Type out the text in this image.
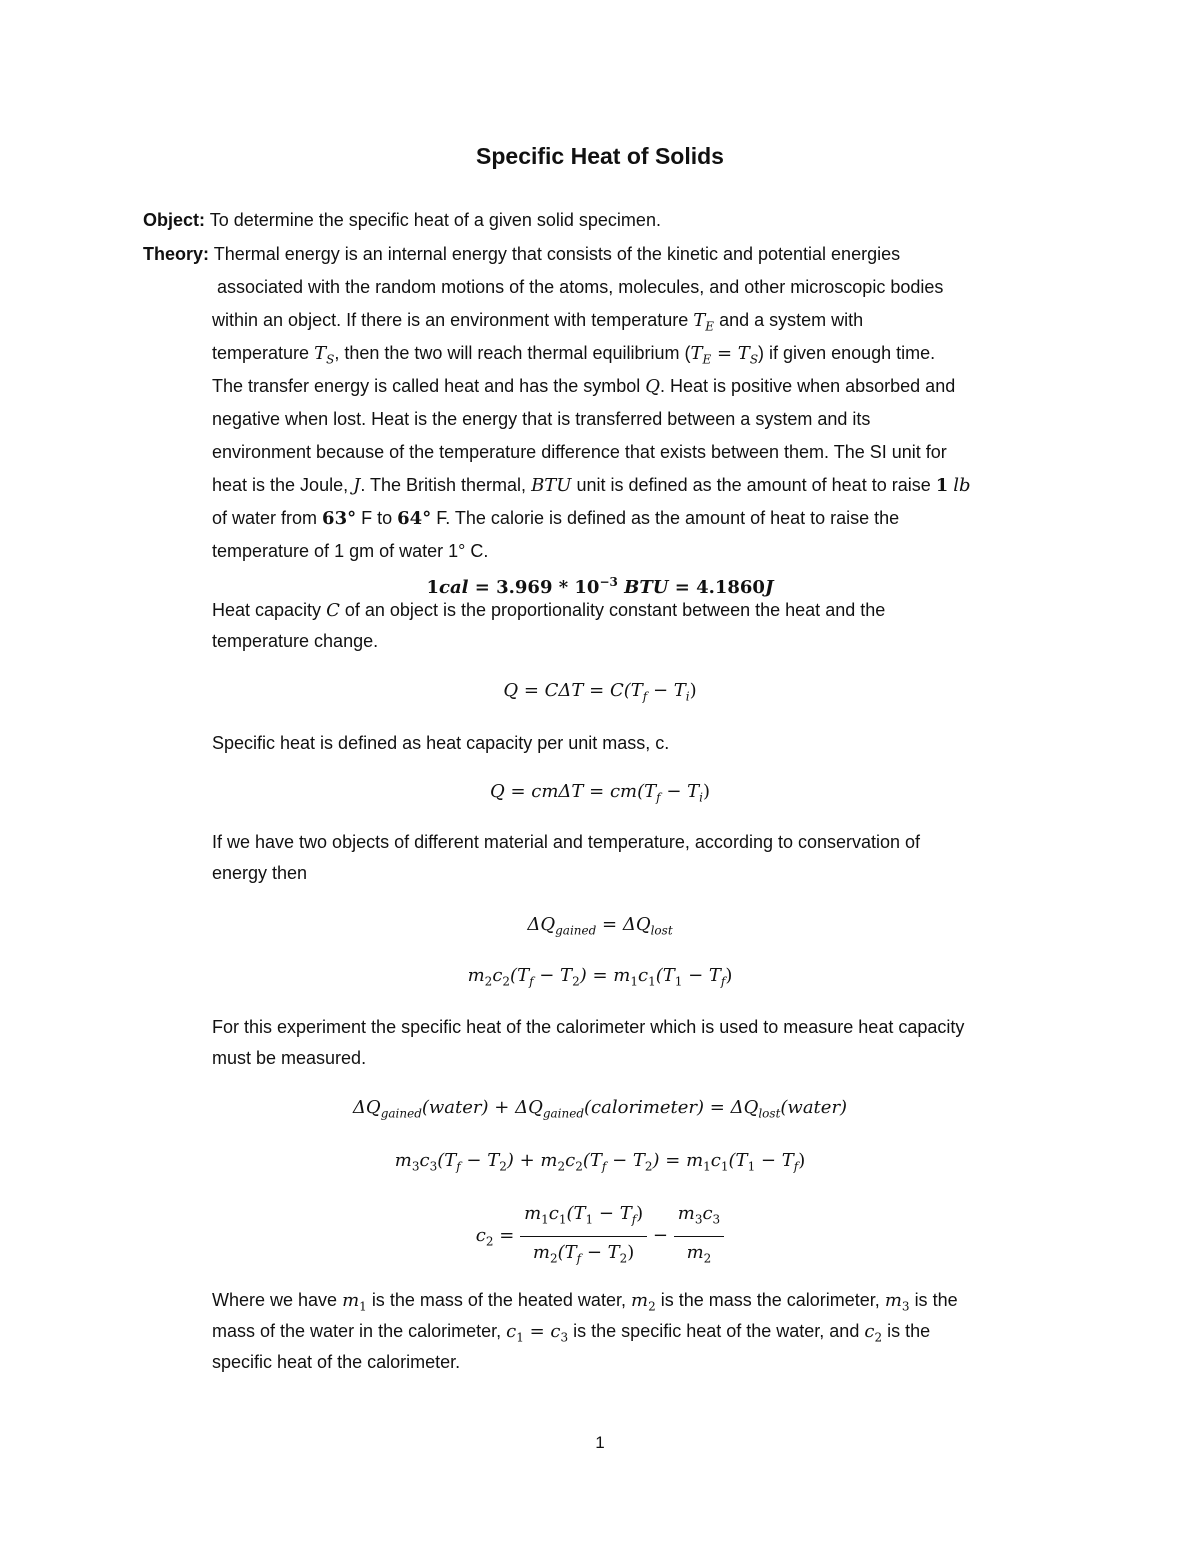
Specific Heat of Solids
Object: To determine the specific heat of a given solid specimen.
Theory: Thermal energy is an internal energy that consists of the kinetic and potential energies
associated with the random motions of the atoms, molecules, and other microscopic bodies
within an object. If there is an environment with temperature $T_E$ and a system with
temperature $T_S$, then the two will reach thermal equilibrium $(T_E = T_S)$ if given enough time.
The transfer energy is called heat and has the symbol Q. Heat is positive when absorbed and
negative when lost. Heat is the energy that is transferred between a system and its
environment because of the temperature difference that exists between them. The SI unit for
heat is the Joule, J. The British thermal, BTU unit is defined as the amount of heat to raise 1 lb
of water from 63° F to 64° F. The calorie is defined as the amount of heat to raise the
temperature of 1 gm of water 1° C.
$1cal = 3.969 * 10^{-3}$ BTU = 4.1860J
Heat capacity C of an object is the proportionality constant between the heat and the
temperature change.
$Q = C\Delta T = C(T_f - T_i)$
Specific heat is defined as heat capacity per unit mass, c.
$Q = cm\Delta T = cm(T_f - T_i)$
If we have two objects of different material and temperature, according to conservation of
energy then
$\Delta Q_{gained} = \Delta Q_{lost}$
$m_2c_2(T_f - T_2) = m_1c_1(T_1 - T_f)$
For this experiment the specific heat of the calorimeter which is used to measure heat capacity
must be measured.
$\Delta Q_{gained}(water)$ + $\Delta Q_{gained}(calorimeter)$ = $\Delta Q_{lost}(water)$
$m_3c_3(T_f - T_2) + m_2c_2(T_f - T_2) = m_1c_1(T_1 - T_f)$
$c_2 = \frac{m_1c_1(T_1 - T_f)}{m_2(T_f - T_2)} - \frac{m_3c_3}{m_2}$
Where we have $m_1$ is the mass of the heated water, $m_2$ is the mass the calorimeter, $m_3$ is the
mass of the water in the calorimeter, $c_1 = c_3$ is the specific heat of the water, and $c_2$ is the
specific heat of the calorimeter.
1
